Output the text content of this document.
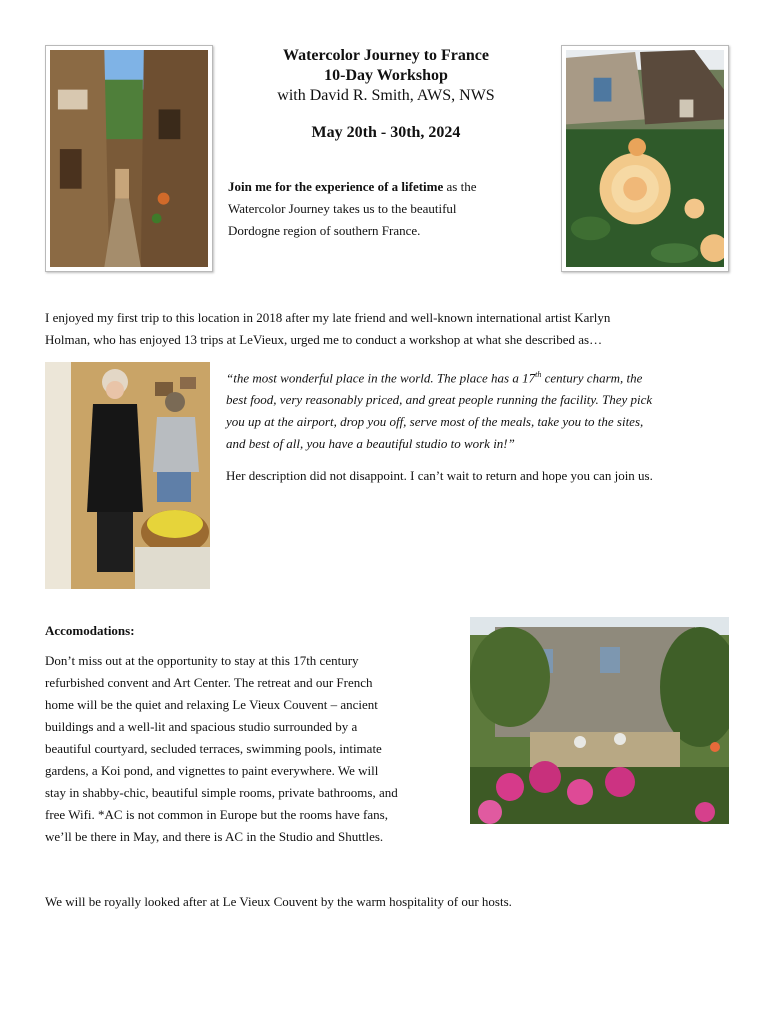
Watercolor Journey to France
10-Day Workshop
with David R. Smith, AWS, NWS
May 20th - 30th, 2024
Join me for the experience of a lifetime as the
Watercolor Journey takes us to the beautiful
Dordogne region of southern France.
I enjoyed my first trip to this location in 2018 after my late friend and well-known international artist Karlyn
Holman, who has enjoyed 13 trips at LeVieux, urged me to conduct a workshop at what she described as…
“the most wonderful place in the world. The place has a 17th century charm, the
best food, very reasonably priced, and great people running the facility. They pick
you up at the airport, drop you off, serve most of the meals, take you to the sites,
and best of all, you have a beautiful studio to work in!”
Her description did not disappoint. I can’t wait to return and hope you can join us.
Accomodations:
Don’t miss out at the opportunity to stay at this 17th century
refurbished convent and Art Center. The retreat and our French
home will be the quiet and relaxing Le Vieux Couvent – ancient
buildings and a well-lit and spacious studio surrounded by a
beautiful courtyard, secluded terraces, swimming pools, intimate
gardens, a Koi pond, and vignettes to paint everywhere. We will
stay in shabby-chic, beautiful simple rooms, private bathrooms, and
free Wifi. *AC is not common in Europe but the rooms have fans,
we’ll be there in May, and there is AC in the Studio and Shuttles.
We will be royally looked after at Le Vieux Couvent by the warm hospitality of our hosts.
